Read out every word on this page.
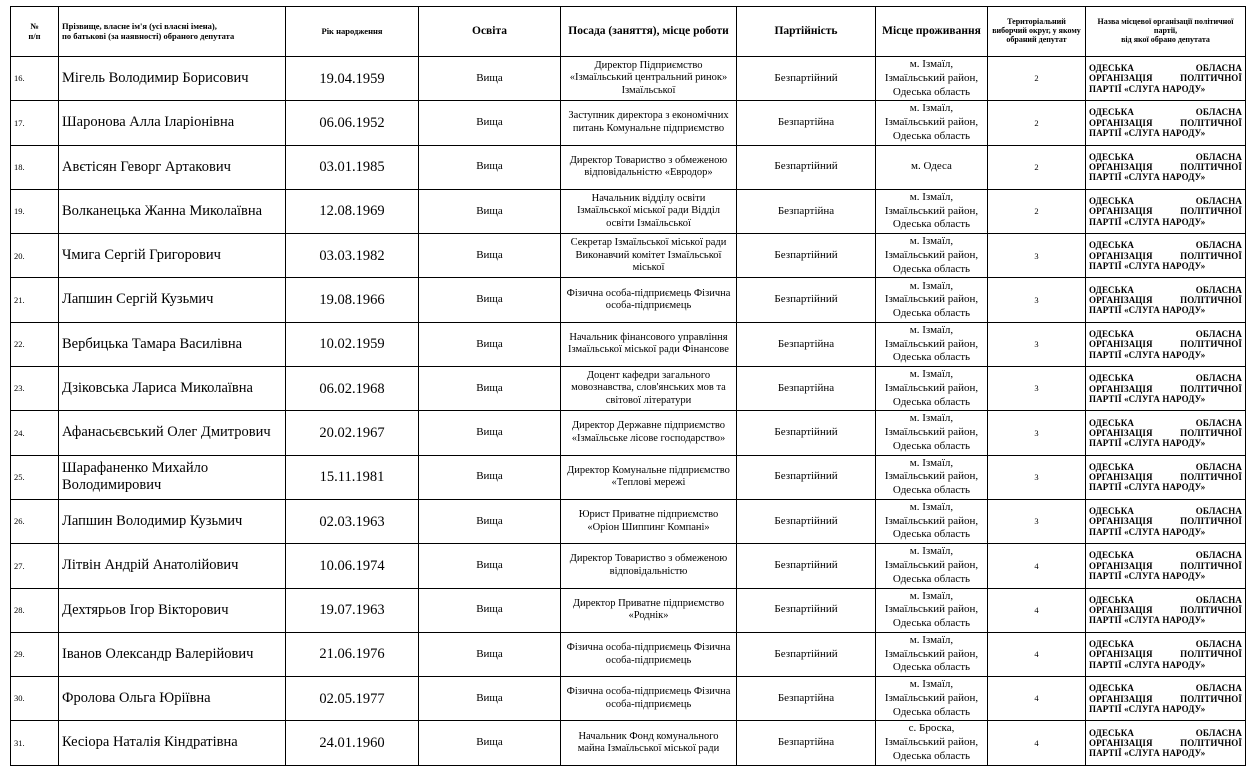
№
п/п	Прізвище, власне ім'я (усі власні імена),
по батькові (за наявності) обраного депутата	Рік народження	Освіта	Посада (заняття), місце роботи	Партійність	Місце проживання	Територіальний виборчий округ, у якому обраний депутат	Назва місцевої організації політичної партії,
від якої обрано депутата
16.	Мігель Володимир Борисович	19.04.1959	Вища	Директор Підприємство «Ізмаїльський центральний ринок» Ізмаїльської	Безпартійний	м. Ізмаїл, Ізмаїльський район, Одеська область	2	ОДЕСЬКА ОБЛАСНА
ОРГАНІЗАЦІЯ ПОЛІТИЧНОЇ
ПАРТІЇ «СЛУГА НАРОДУ»

17.	Шаронова Алла Іларіонівна	06.06.1952	Вища	Заступник директора з економічних питань Комунальне підприємство	Безпартійна	м. Ізмаїл, Ізмаїльський район, Одеська область	2	ОДЕСЬКА ОБЛАСНА
ОРГАНІЗАЦІЯ ПОЛІТИЧНОЇ
ПАРТІЇ «СЛУГА НАРОДУ»

18.	Авєтісян Геворг Артакович	03.01.1985	Вища	Директор Товариство з обмеженою відповідальністю «Евродор»	Безпартійний	м. Одеса	2	ОДЕСЬКА ОБЛАСНА
ОРГАНІЗАЦІЯ ПОЛІТИЧНОЇ
ПАРТІЇ «СЛУГА НАРОДУ»

19.	Волканецька Жанна Миколаївна	12.08.1969	Вища	Начальник відділу освіти Ізмаїльської міської ради Відділ освіти Ізмаїльської	Безпартійна	м. Ізмаїл, Ізмаїльський район, Одеська область	2	ОДЕСЬКА ОБЛАСНА
ОРГАНІЗАЦІЯ ПОЛІТИЧНОЇ
ПАРТІЇ «СЛУГА НАРОДУ»

20.	Чмига Сергій Григорович	03.03.1982	Вища	Секретар Ізмаїльської міської ради Виконавчий комітет Ізмаїльської міської	Безпартійний	м. Ізмаїл, Ізмаїльський район, Одеська область	3	ОДЕСЬКА ОБЛАСНА
ОРГАНІЗАЦІЯ ПОЛІТИЧНОЇ
ПАРТІЇ «СЛУГА НАРОДУ»

21.	Лапшин Сергій Кузьмич	19.08.1966	Вища	Фізична особа-підприємець Фізична особа-підприємець	Безпартійний	м. Ізмаїл, Ізмаїльський район, Одеська область	3	ОДЕСЬКА ОБЛАСНА
ОРГАНІЗАЦІЯ ПОЛІТИЧНОЇ
ПАРТІЇ «СЛУГА НАРОДУ»

22.	Вербицька Тамара Василівна	10.02.1959	Вища	Начальник фінансового управління Ізмаїльської міської ради Фінансове	Безпартійна	м. Ізмаїл, Ізмаїльський район, Одеська область	3	ОДЕСЬКА ОБЛАСНА
ОРГАНІЗАЦІЯ ПОЛІТИЧНОЇ
ПАРТІЇ «СЛУГА НАРОДУ»

23.	Дзіковська Лариса Миколаївна	06.02.1968	Вища	Доцент кафедри загального мовознавства, слов'янських мов та світової літератури	Безпартійна	м. Ізмаїл, Ізмаїльський район, Одеська область	3	ОДЕСЬКА ОБЛАСНА
ОРГАНІЗАЦІЯ ПОЛІТИЧНОЇ
ПАРТІЇ «СЛУГА НАРОДУ»

24.	Афанасьєвський Олег Дмитрович	20.02.1967	Вища	Директор Державне підприємство «Ізмаїльське лісове господарство»	Безпартійний	м. Ізмаїл, Ізмаїльський район, Одеська область	3	ОДЕСЬКА ОБЛАСНА
ОРГАНІЗАЦІЯ ПОЛІТИЧНОЇ
ПАРТІЇ «СЛУГА НАРОДУ»

25.	Шарафаненко Михайло Володимирович	15.11.1981	Вища	Директор Комунальне підприємство «Теплові мережі	Безпартійний	м. Ізмаїл, Ізмаїльський район, Одеська область	3	ОДЕСЬКА ОБЛАСНА
ОРГАНІЗАЦІЯ ПОЛІТИЧНОЇ
ПАРТІЇ «СЛУГА НАРОДУ»

26.	Лапшин Володимир Кузьмич	02.03.1963	Вища	Юрист Приватне підприємство «Оріон Шиппинг Компані»	Безпартійний	м. Ізмаїл, Ізмаїльський район, Одеська область	3	ОДЕСЬКА ОБЛАСНА
ОРГАНІЗАЦІЯ ПОЛІТИЧНОЇ
ПАРТІЇ «СЛУГА НАРОДУ»

27.	Літвін Андрій Анатолійович	10.06.1974	Вища	Директор Товариство з обмеженою відповідальністю	Безпартійний	м. Ізмаїл, Ізмаїльський район, Одеська область	4	ОДЕСЬКА ОБЛАСНА
ОРГАНІЗАЦІЯ ПОЛІТИЧНОЇ
ПАРТІЇ «СЛУГА НАРОДУ»

28.	Дехтярьов Ігор Вікторович	19.07.1963	Вища	Директор Приватне підприємство «Роднік»	Безпартійний	м. Ізмаїл, Ізмаїльський район, Одеська область	4	ОДЕСЬКА ОБЛАСНА
ОРГАНІЗАЦІЯ ПОЛІТИЧНОЇ
ПАРТІЇ «СЛУГА НАРОДУ»

29.	Іванов Олександр Валерійович	21.06.1976	Вища	Фізична особа-підприємець Фізична особа-підприємець	Безпартійний	м. Ізмаїл, Ізмаїльський район, Одеська область	4	ОДЕСЬКА ОБЛАСНА
ОРГАНІЗАЦІЯ ПОЛІТИЧНОЇ
ПАРТІЇ «СЛУГА НАРОДУ»

30.	Фролова Ольга Юріївна	02.05.1977	Вища	Фізична особа-підприємець Фізична особа-підприємець	Безпартійна	м. Ізмаїл, Ізмаїльський район, Одеська область	4	ОДЕСЬКА ОБЛАСНА
ОРГАНІЗАЦІЯ ПОЛІТИЧНОЇ
ПАРТІЇ «СЛУГА НАРОДУ»

31.	Кесіора Наталія Кіндратівна	24.01.1960	Вища	Начальник Фонд комунального майна Ізмаїльської міської ради	Безпартійна	с. Броска, Ізмаїльський район, Одеська область	4	ОДЕСЬКА ОБЛАСНА
ОРГАНІЗАЦІЯ ПОЛІТИЧНОЇ
ПАРТІЇ «СЛУГА НАРОДУ»
